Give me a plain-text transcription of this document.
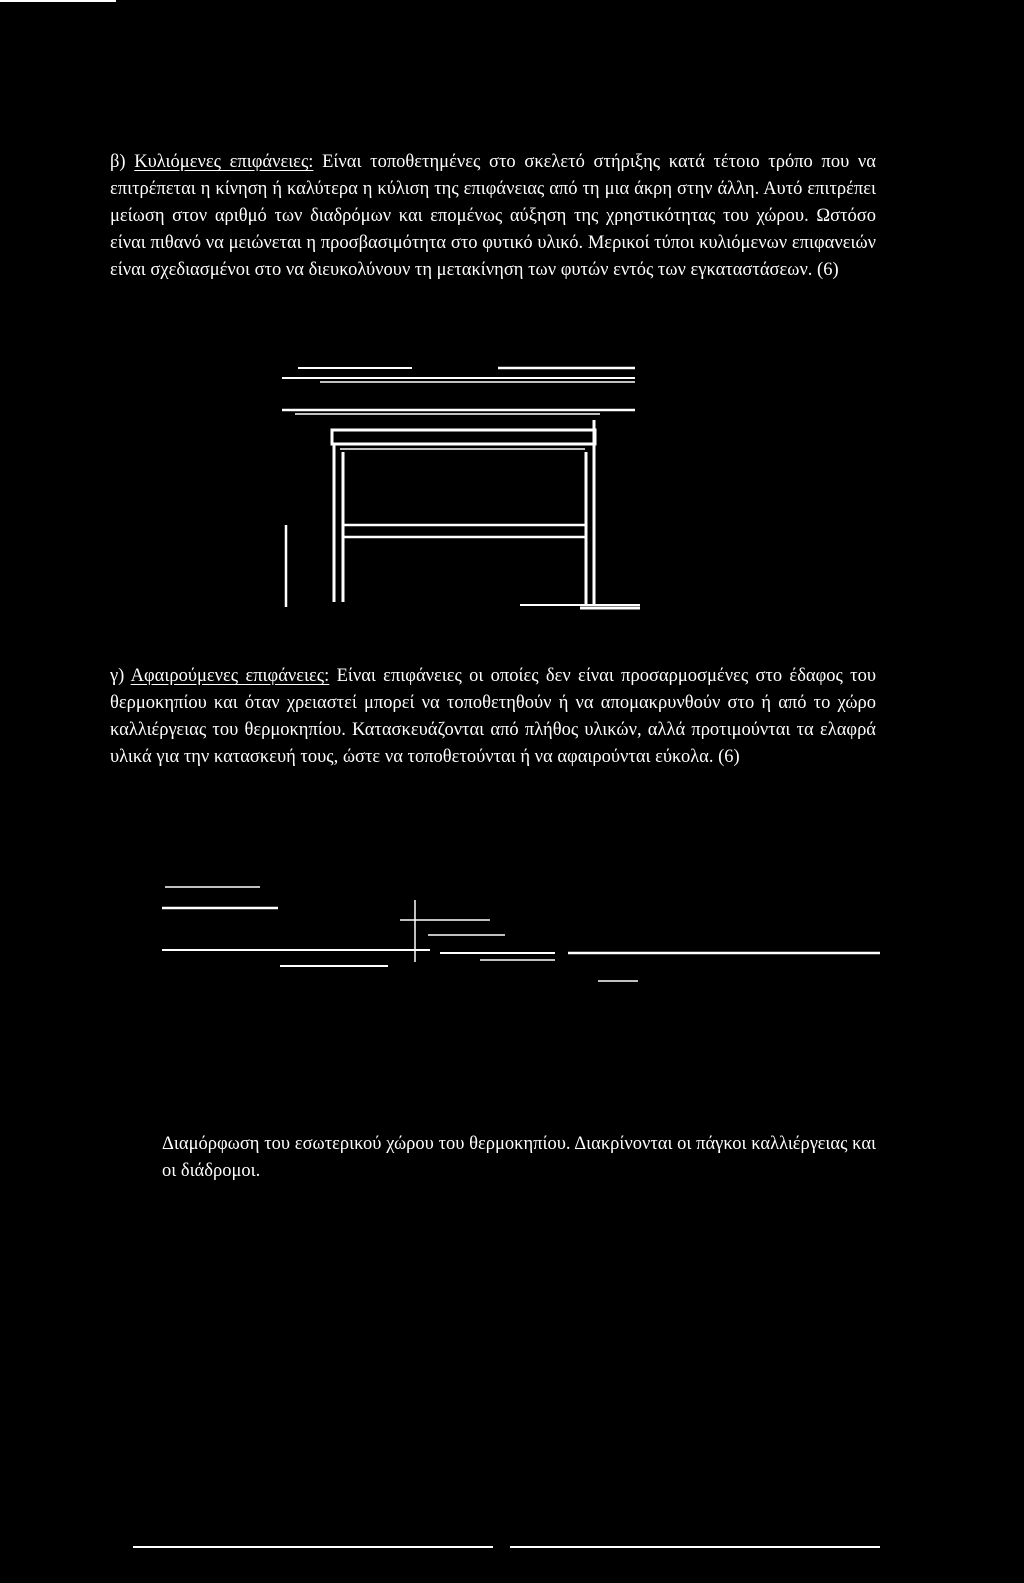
β) Κυλιόμενες επιφάνειες: Είναι τοποθετημένες στο σκελετό στήριξης κατά τέτοιο τρόπο που να επιτρέπεται η κίνηση ή καλύτερα η κύλιση της επιφάνειας από τη μια άκρη στην άλλη. Αυτό επιτρέπει μείωση στον αριθμό των διαδρόμων και επομένως αύξηση της χρηστικότητας του χώρου. Ωστόσο είναι πιθανό να μειώνεται η προσβασιμότητα στο φυτικό υλικό. Μερικοί τύποι κυλιόμενων επιφανειών είναι σχεδιασμένοι στο να διευκολύνουν τη μετακίνηση των φυτών εντός των εγκαταστάσεων. (6)

γ) Αφαιρούμενες επιφάνειες: Είναι επιφάνειες οι οποίες δεν είναι προσαρμοσμένες στο έδαφος του θερμοκηπίου και όταν χρειαστεί μπορεί να τοποθετηθούν ή να απομακρυνθούν στο ή από το χώρο καλλιέργειας του θερμοκηπίου. Κατασκευάζονται από πλήθος υλικών, αλλά προτιμούνται τα ελαφρά υλικά για την κατασκευή τους, ώστε να τοποθετούνται ή να αφαιρούνται εύκολα. (6)

Διαμόρφωση του εσωτερικού χώρου του θερμοκηπίου. Διακρίνονται οι πάγκοι καλλιέργειας και οι διάδρομοι.
